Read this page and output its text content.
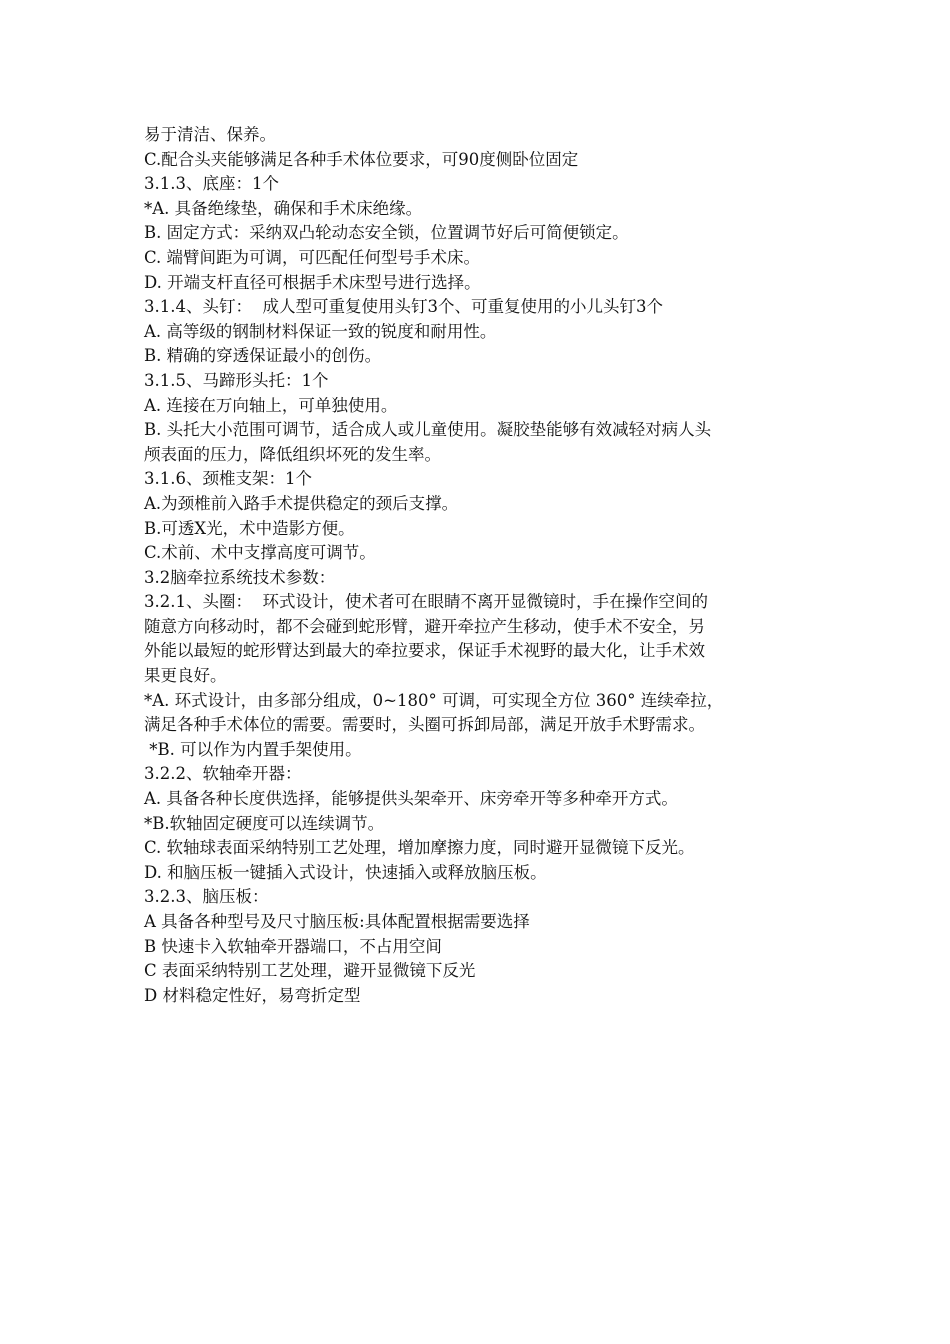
易于清洁、保养。
C.配合头夹能够满足各种手术体位要求，可90度侧卧位固定
3.1.3、底座：1个
*A. 具备绝缘垫，确保和手术床绝缘。
B. 固定方式：采纳双凸轮动态安全锁，位置调节好后可简便锁定。
C. 端臂间距为可调，可匹配任何型号手术床。
D. 开端支杆直径可根据手术床型号进行选择。
3.1.4、头钉：  成人型可重复使用头钉3个、可重复使用的小儿头钉3个
A. 高等级的钢制材料保证一致的锐度和耐用性。
B. 精确的穿透保证最小的创伤。
3.1.5、马蹄形头托：1个
A. 连接在万向轴上，可单独使用。
B. 头托大小范围可调节，适合成人或儿童使用。凝胶垫能够有效减轻对病人头
颅表面的压力，降低组织坏死的发生率。
3.1.6、颈椎支架：1个
A.为颈椎前入路手术提供稳定的颈后支撑。
B.可透X光，术中造影方便。
C.术前、术中支撑高度可调节。
3.2脑牵拉系统技术参数：
3.2.1、头圈：  环式设计，使术者可在眼睛不离开显微镜时，手在操作空间的
随意方向移动时，都不会碰到蛇形臂，避开牵拉产生移动，使手术不安全，另
外能以最短的蛇形臂达到最大的牵拉要求，保证手术视野的最大化，让手术效
果更良好。
*A. 环式设计，由多部分组成，0~180° 可调，可实现全方位 360° 连续牵拉，
满足各种手术体位的需要。需要时，头圈可拆卸局部，满足开放手术野需求。
*B. 可以作为内置手架使用。
3.2.2、软轴牵开器：
A. 具备各种长度供选择，能够提供头架牵开、床旁牵开等多种牵开方式。
*B.软轴固定硬度可以连续调节。
C. 软轴球表面采纳特别工艺处理，增加摩擦力度，同时避开显微镜下反光。
D. 和脑压板一键插入式设计，快速插入或释放脑压板。
3.2.3、脑压板：
A 具备各种型号及尺寸脑压板:具体配置根据需要选择
B 快速卡入软轴牵开器端口，不占用空间
C 表面采纳特别工艺处理，避开显微镜下反光
D 材料稳定性好，易弯折定型
